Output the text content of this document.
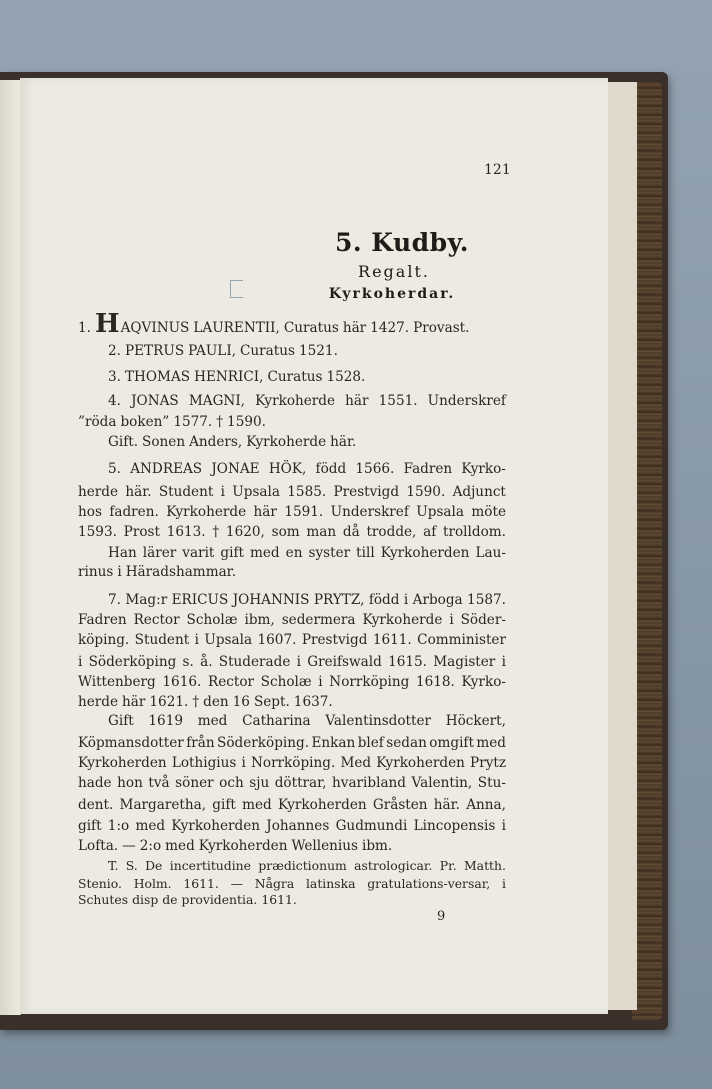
121
5. Kudby.
Regalt.
Kyrkoherdar.
1. HAQVINUS LAURENTII, Curatus här 1427. Provast.
2. PETRUS PAULI, Curatus 1521.
3. THOMAS HENRICI, Curatus 1528.
4. JONAS MAGNI, Kyrkoherde här 1551. Underskref
”röda boken” 1577. † 1590.
Gift. Sonen Anders, Kyrkoherde här.
5. ANDREAS JONAE HÖK, född 1566. Fadren Kyrko-
herde här. Student i Upsala 1585. Prestvigd 1590. Adjunct
hos fadren. Kyrkoherde här 1591. Underskref Upsala möte
1593. Prost 1613. † 1620, som man då trodde, af trolldom.
Han lärer varit gift med en syster till Kyrkoherden Lau-
rinus i Häradshammar.
7. Mag:r ERICUS JOHANNIS PRYTZ, född i Arboga 1587.
Fadren Rector Scholæ ibm, sedermera Kyrkoherde i Söder-
köping. Student i Upsala 1607. Prestvigd 1611. Comminister
i Söderköping s. å. Studerade i Greifswald 1615. Magister i
Wittenberg 1616. Rector Scholæ i Norrköping 1618. Kyrko-
herde här 1621. † den 16 Sept. 1637.
Gift 1619 med Catharina Valentinsdotter Höckert,
Köpmansdotter från Söderköping. Enkan blef sedan omgift med
Kyrkoherden Lothigius i Norrköping. Med Kyrkoherden Prytz
hade hon två söner och sju döttrar, hvaribland Valentin, Stu-
dent. Margaretha, gift med Kyrkoherden Gråsten här. Anna,
gift 1:o med Kyrkoherden Johannes Gudmundi Lincopensis i
Lofta. — 2:o med Kyrkoherden Wellenius ibm.
T. S. De incertitudine prædictionum astrologicar. Pr. Matth.
Stenio. Holm. 1611. — Några latinska gratulations-versar, i
Schutes disp de providentia. 1611.
9
